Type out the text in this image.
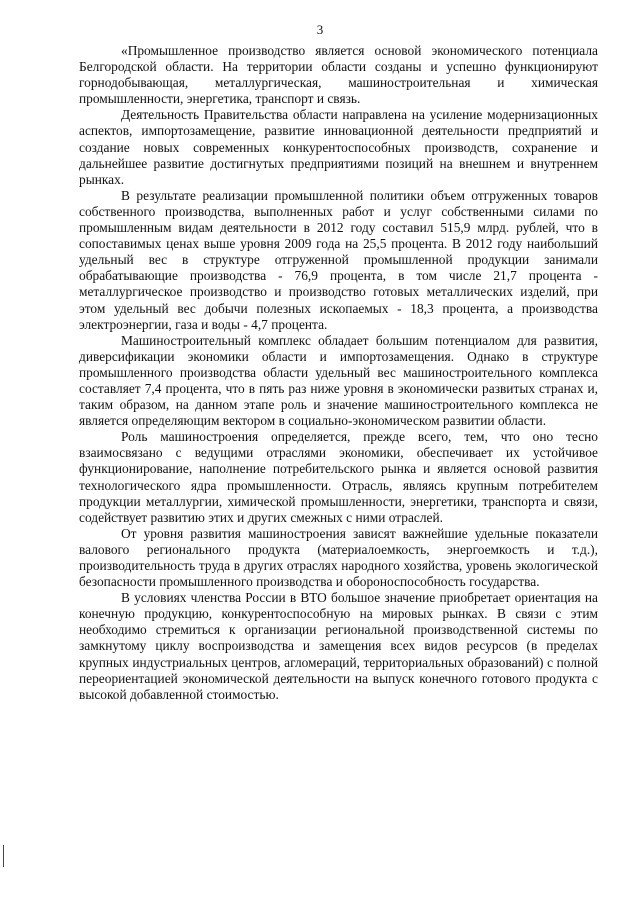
3

«Промышленное производство является основой экономического потенциала Белгородской области. На территории области созданы и успешно функционируют горнодобывающая, металлургическая, машиностроительная и химическая промышленности, энергетика, транспорт и связь.

Деятельность Правительства области направлена на усиление модернизационных аспектов, импортозамещение, развитие инновационной деятельности предприятий и создание новых современных конкурентоспособных производств, сохранение и дальнейшее развитие достигнутых предприятиями позиций на внешнем и внутреннем рынках.

В результате реализации промышленной политики объем отгруженных товаров собственного производства, выполненных работ и услуг собственными силами по промышленным видам деятельности в 2012 году составил 515,9 млрд. рублей, что в сопоставимых ценах выше уровня 2009 года на 25,5 процента. В 2012 году наибольший удельный вес в структуре отгруженной промышленной продукции занимали обрабатывающие производства - 76,9 процента, в том числе 21,7 процента - металлургическое производство и производство готовых металлических изделий, при этом удельный вес добычи полезных ископаемых - 18,3 процента, а производства электроэнергии, газа и воды - 4,7 процента.

Машиностроительный комплекс обладает большим потенциалом для развития, диверсификации экономики области и импортозамещения. Однако в структуре промышленного производства области удельный вес машиностроительного комплекса составляет 7,4 процента, что в пять раз ниже уровня в экономически развитых странах и, таким образом, на данном этапе роль и значение машиностроительного комплекса не является определяющим вектором в социально-экономическом развитии области.

Роль машиностроения определяется, прежде всего, тем, что оно тесно взаимосвязано с ведущими отраслями экономики, обеспечивает их устойчивое функционирование, наполнение потребительского рынка и является основой развития технологического ядра промышленности. Отрасль, являясь крупным потребителем продукции металлургии, химической промышленности, энергетики, транспорта и связи, содействует развитию этих и других смежных с ними отраслей.

От уровня развития машиностроения зависят важнейшие удельные показатели валового регионального продукта (материалоемкость, энергоемкость и т.д.), производительность труда в других отраслях народного хозяйства, уровень экологической безопасности промышленного производства и обороноспособность государства.

В условиях членства России в ВТО большое значение приобретает ориентация на конечную продукцию, конкурентоспособную на мировых рынках. В связи с этим необходимо стремиться к организации региональной производственной системы по замкнутому циклу воспроизводства и замещения всех видов ресурсов (в пределах крупных индустриальных центров, агломераций, территориальных образований) с полной переориентацией экономической деятельности на выпуск конечного готового продукта с высокой добавленной стоимостью.
